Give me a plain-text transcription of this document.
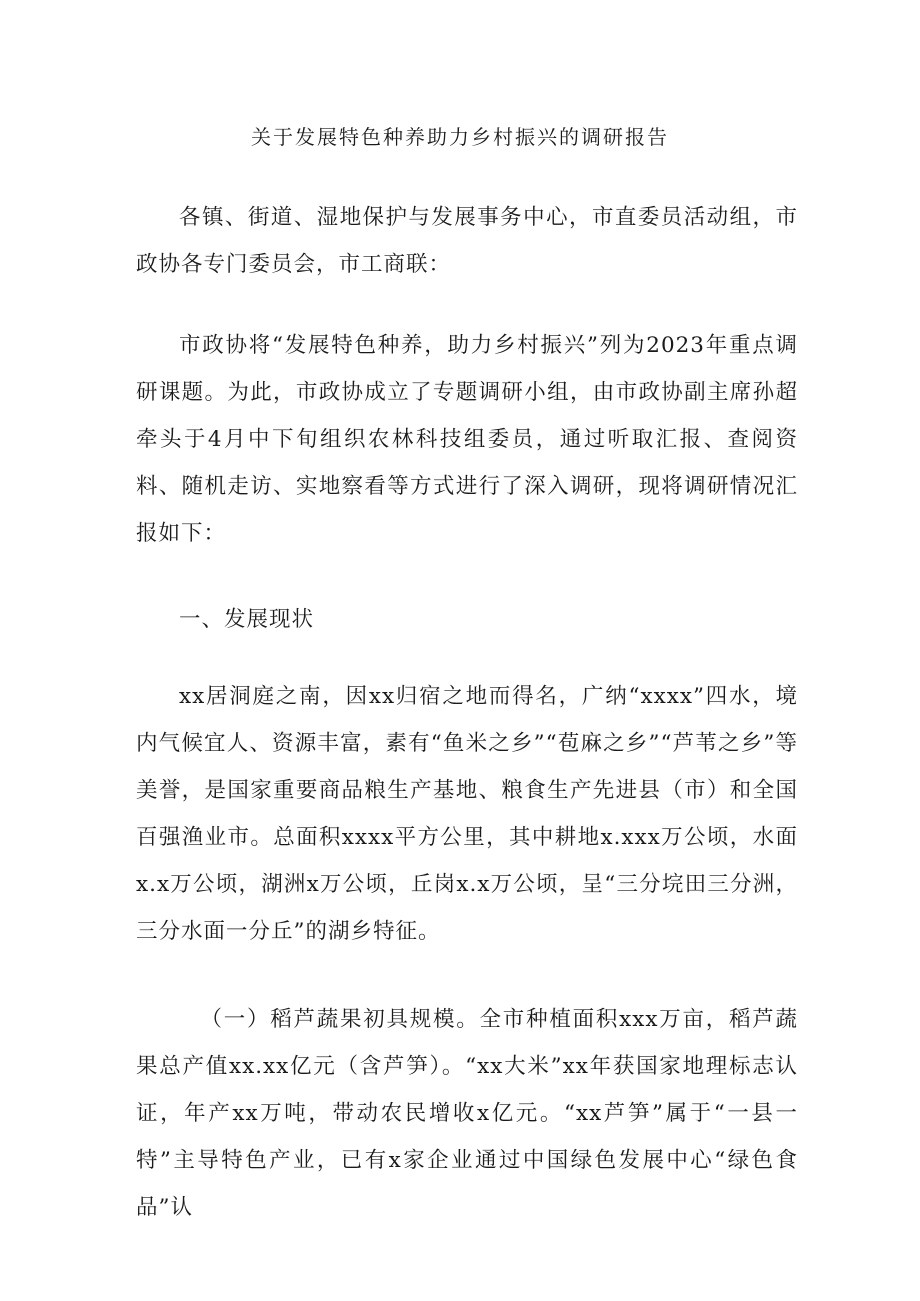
关于发展特色种养助力乡村振兴的调研报告

各镇、街道、湿地保护与发展事务中心，市直委员活动组，市政协各专门委员会，市工商联：

市政协将“发展特色种养，助力乡村振兴”列为2023年重点调研课题。为此，市政协成立了专题调研小组，由市政协副主席孙超牵头于4月中下旬组织农林科技组委员，通过听取汇报、查阅资料、随机走访、实地察看等方式进行了深入调研，现将调研情况汇报如下：

一、发展现状

xx居洞庭之南，因xx归宿之地而得名，广纳“xxxx”四水，境内气候宜人、资源丰富，素有“鱼米之乡”“苞麻之乡”“芦苇之乡”等美誉，是国家重要商品粮生产基地、粮食生产先进县（市）和全国百强渔业市。总面积xxxx平方公里，其中耕地x.xxx万公顷，水面x.x万公顷，湖洲x万公顷，丘岗x.x万公顷，呈“三分垸田三分洲，三分水面一分丘”的湖乡特征。

（一）稻芦蔬果初具规模。全市种植面积xxx万亩，稻芦蔬果总产值xx.xx亿元（含芦笋）。“xx大米”xx年获国家地理标志认证，年产xx万吨，带动农民增收x亿元。“xx芦笋”属于“一县一特”主导特色产业，已有x家企业通过中国绿色发展中心“绿色食品”认
